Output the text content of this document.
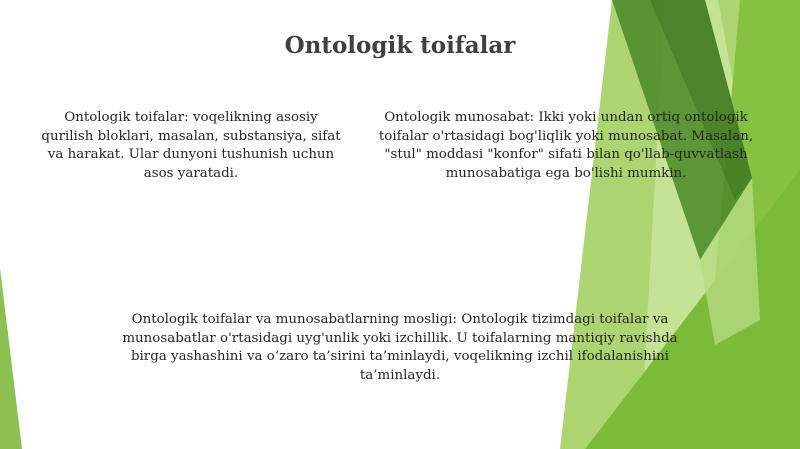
Ontologik toifalar

Ontologik toifalar: voqelikning asosiy qurilish bloklari, masalan, substansiya, sifat va harakat. Ular dunyoni tushunish uchun asos yaratadi.

Ontologik munosabat: Ikki yoki undan ortiq ontologik toifalar o'rtasidagi bog'liqlik yoki munosabat. Masalan, "stul" moddasi "konfor" sifati bilan qo'llab-quvvatlash munosabatiga ega bo'lishi mumkin.

Ontologik toifalar va munosabatlarning mosligi: Ontologik tizimdagi toifalar va munosabatlar o'rtasidagi uyg'unlik yoki izchillik. U toifalarning mantiqiy ravishda birga yashashini va o‘zaro ta’sirini ta’minlaydi, voqelikning izchil ifodalanishini ta’minlaydi.
